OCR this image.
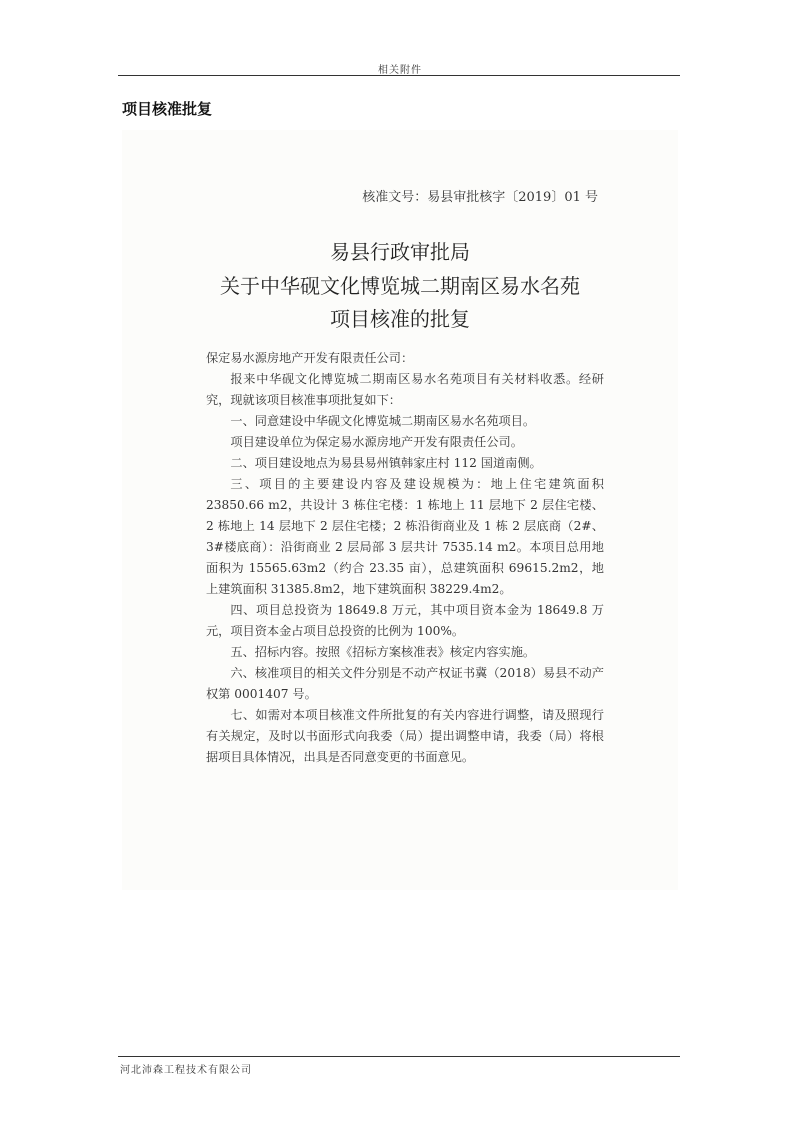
相关附件
项目核准批复
核准文号：易县审批核字〔2019〕01 号
易县行政审批局
关于中华砚文化博览城二期南区易水名苑
项目核准的批复

保定易水源房地产开发有限责任公司：

报来中华砚文化博览城二期南区易水名苑项目有关材料收悉。经研究，现就该项目核准事项批复如下：

一、同意建设中华砚文化博览城二期南区易水名苑项目。

项目建设单位为保定易水源房地产开发有限责任公司。

二、项目建设地点为易县易州镇韩家庄村 112 国道南侧。

三、项目的主要建设内容及建设规模为：地上住宅建筑面积 23850.66 m2，共设计 3 栋住宅楼：1 栋地上 11 层地下 2 层住宅楼、2 栋地上 14 层地下 2 层住宅楼；2 栋沿街商业及 1 栋 2 层底商（2#、3#楼底商）：沿街商业 2 层局部 3 层共计 7535.14 m2。本项目总用地面积为 15565.63m2（约合 23.35 亩），总建筑面积 69615.2m2，地上建筑面积 31385.8m2，地下建筑面积 38229.4m2。

四、项目总投资为 18649.8 万元，其中项目资本金为 18649.8 万元，项目资本金占项目总投资的比例为 100%。

五、招标内容。按照《招标方案核准表》核定内容实施。

六、核准项目的相关文件分别是不动产权证书冀（2018）易县不动产权第 0001407 号。

七、如需对本项目核准文件所批复的有关内容进行调整，请及照现行有关规定，及时以书面形式向我委（局）提出调整申请，我委（局）将根据项目具体情况，出具是否同意变更的书面意见。

河北沛森工程技术有限公司
